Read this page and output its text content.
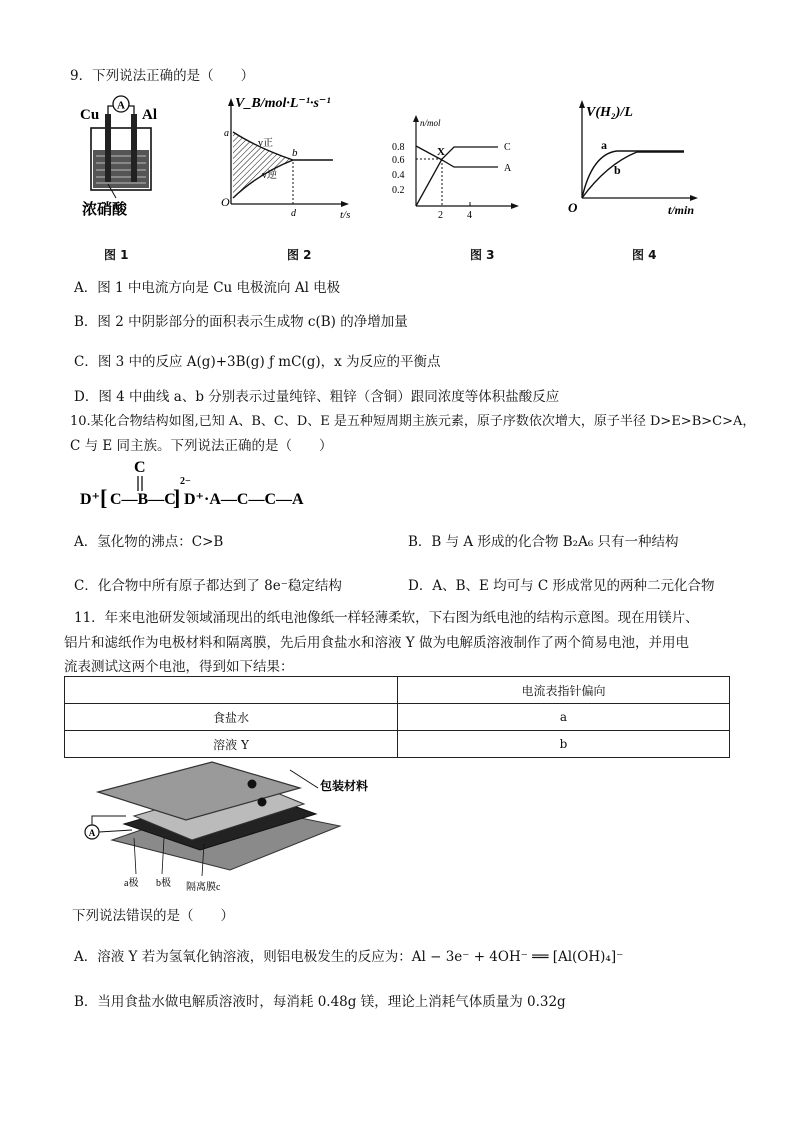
9．下列说法正确的是（　　）
A
Cu	Al
浓硝酸
图 1
V_B/mol·L⁻¹·s⁻¹
a
b
v正
v逆
d
O
t/s
图 2
n/mol
0.8
0.6
0.4
0.2
X	C
A
2 4
图 3
V(H₂)/L
a
b
O	t/min
图 4
A．图 1 中电流方向是 Cu 电极流向 Al 电极
B．图 2 中阴影部分的面积表示生成物 c(B) 的净增加量
C．图 3 中的反应 A(g)+3B(g) ƒ mC(g)，x 为反应的平衡点
D．图 4 中曲线 a、b 分别表示过量纯锌、粗锌（含铜）跟同浓度等体积盐酸反应
10.某化合物结构如图,已知 A、B、C、D、E 是五种短周期主族元素，原子序数依次增大，原子半径 D>E>B>C>A，
C 与 E 同主族。下列说法正确的是（　　）
D⁺ [ C—B—C
]
2−
D⁺·A—C—C—A
C
A．氢化物的沸点：C>B	B．B 与 A 形成的化合物 B₂A₆ 只有一种结构
C．化合物中所有原子都达到了 8e⁻稳定结构	D．A、B、E 均可与 C 形成常见的两种二元化合物
11．年来电池研发领域涌现出的纸电池像纸一样轻薄柔软，下右图为纸电池的结构示意图。现在用镁片、
铝片和滤纸作为电极材料和隔离膜，先后用食盐水和溶液 Y 做为电解质溶液制作了两个简易电池，并用电
流表测试这两个电池，得到如下结果：
	电流表指针偏向
食盐水	a
溶液 Y	b
包装材料
A
a极 b极 隔离膜c
下列说法错误的是（　　）
A．溶液 Y 若为氢氧化钠溶液，则铝电极发生的反应为：Al − 3e⁻ + 4OH⁻ ══ [Al(OH)₄]⁻
B．当用食盐水做电解质溶液时，每消耗 0.48g 镁，理论上消耗气体质量为 0.32g
